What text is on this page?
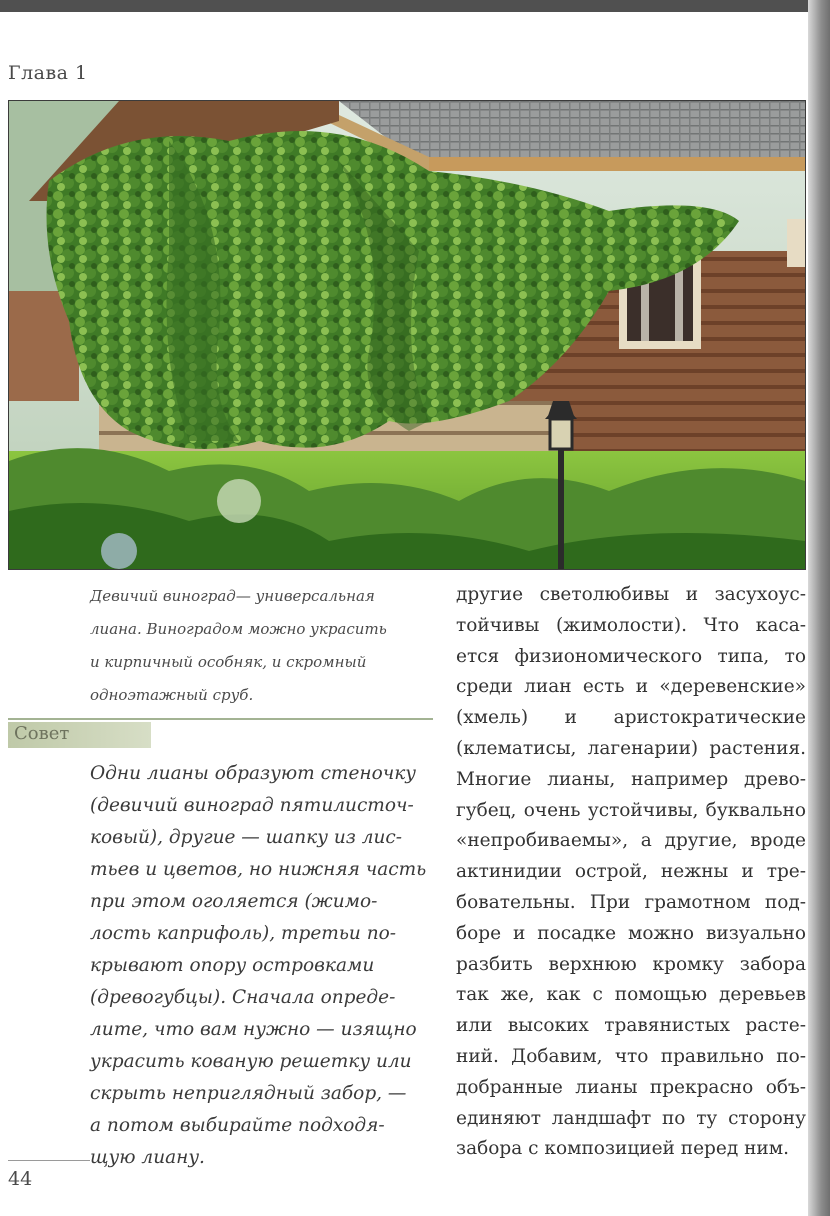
Глава 1
Девичий виноград— универсальная
лиана. Виноградом можно украсить
и кирпичный особняк, и скромный
одноэтажный сруб.
Совет
Одни лианы образуют стеночку
(девичий виноград пятилисточ-
ковый), другие — шапку из лис-
тьев и цветов, но нижняя часть
при этом оголяется (жимо-
лость каприфоль), третьи по-
крывают опору островками
(древогубцы). Сначала опреде-
лите, что вам нужно — изящно
украсить кованую решетку или
скрыть неприглядный забор, —
а потом выбирайте подходя-
щую лиану.
другие светолюбивы и засухоус-
тойчивы (жимолости). Что каса-
ется физиономического типа, то
среди лиан есть и «деревенские»
(хмель) и аристократические
(клематисы, лагенарии) растения.
Многие лианы, например древо-
губец, очень устойчивы, буквально
«непробиваемы», а другие, вроде
актинидии острой, нежны и тре-
бовательны. При грамотном под-
боре и посадке можно визуально
разбить верхнюю кромку забора
так же, как с помощью деревьев
или высоких травянистых расте-
ний. Добавим, что правильно по-
добранные лианы прекрасно объ-
единяют ландшафт по ту сторону
забора с композицией перед ним.
44
